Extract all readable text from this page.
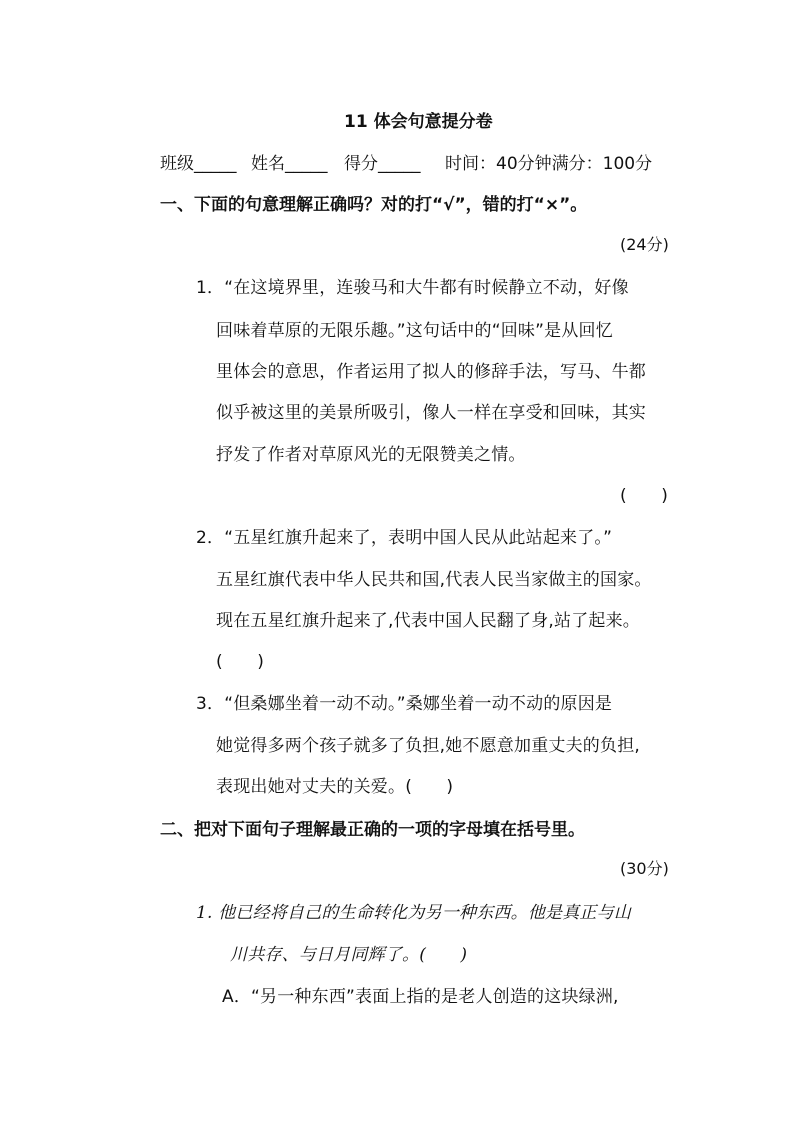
11 体会句意提分卷
班级_____ 姓名_____ 得分_____ 时间：40分钟满分：100分
一、下面的句意理解正确吗？对的打“√”，错的打“×”。
(24分)
1．“在这境界里，连骏马和大牛都有时候静立不动，好像
回味着草原的无限乐趣。”这句话中的“回味”是从回忆
里体会的意思，作者运用了拟人的修辞手法，写马、牛都
似乎被这里的美景所吸引，像人一样在享受和回味，其实
抒发了作者对草原风光的无限赞美之情。
(　　)
2．“五星红旗升起来了，表明中国人民从此站起来了。”
五星红旗代表中华人民共和国,代表人民当家做主的国家。
现在五星红旗升起来了,代表中国人民翻了身,站了起来。
(　　)
3．“但桑娜坐着一动不动。”桑娜坐着一动不动的原因是
她觉得多两个孩子就多了负担,她不愿意加重丈夫的负担,
表现出她对丈夫的关爱。(　　)
二、把对下面句子理解最正确的一项的字母填在括号里。
(30分)
1. 他已经将自己的生命转化为另一种东西。他是真正与山
川共存、与日月同辉了。(　　)
A．“另一种东西”表面上指的是老人创造的这块绿洲,
